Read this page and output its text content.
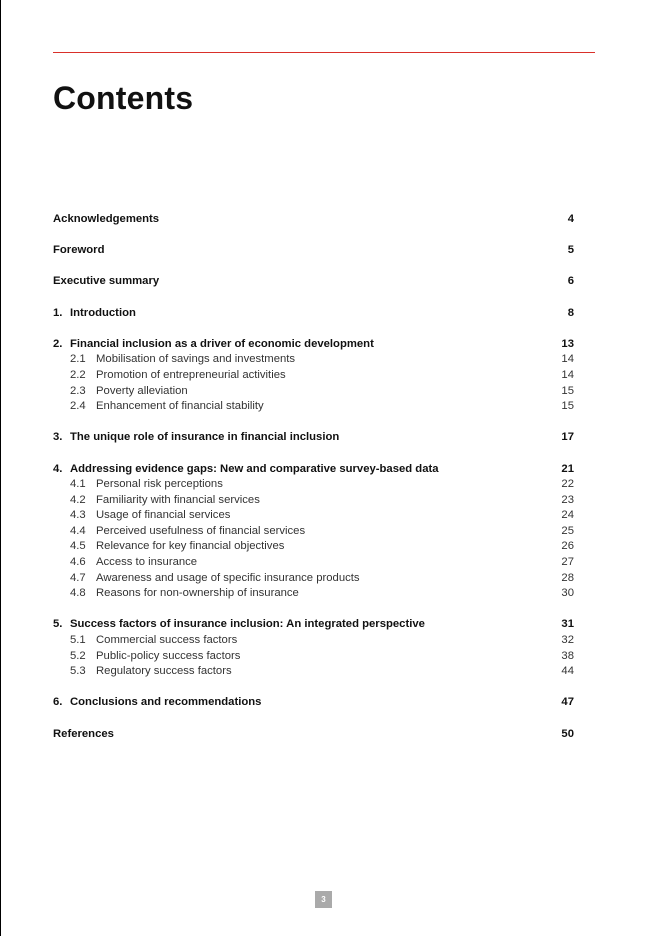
Contents
Acknowledgements	4
Foreword	5
Executive summary	6
1. Introduction	8
2. Financial inclusion as a driver of economic development	13
2.1 Mobilisation of savings and investments	14
2.2 Promotion of entrepreneurial activities	14
2.3 Poverty alleviation	15
2.4 Enhancement of financial stability	15
3. The unique role of insurance in financial inclusion	17
4. Addressing evidence gaps: New and comparative survey-based data	21
4.1 Personal risk perceptions	22
4.2 Familiarity with financial services	23
4.3 Usage of financial services	24
4.4 Perceived usefulness of financial services	25
4.5 Relevance for key financial objectives	26
4.6 Access to insurance	27
4.7 Awareness and usage of specific insurance products	28
4.8 Reasons for non-ownership of insurance	30
5. Success factors of insurance inclusion: An integrated perspective	31
5.1 Commercial success factors	32
5.2 Public-policy success factors	38
5.3 Regulatory success factors	44
6. Conclusions and recommendations	47
References	50
3
